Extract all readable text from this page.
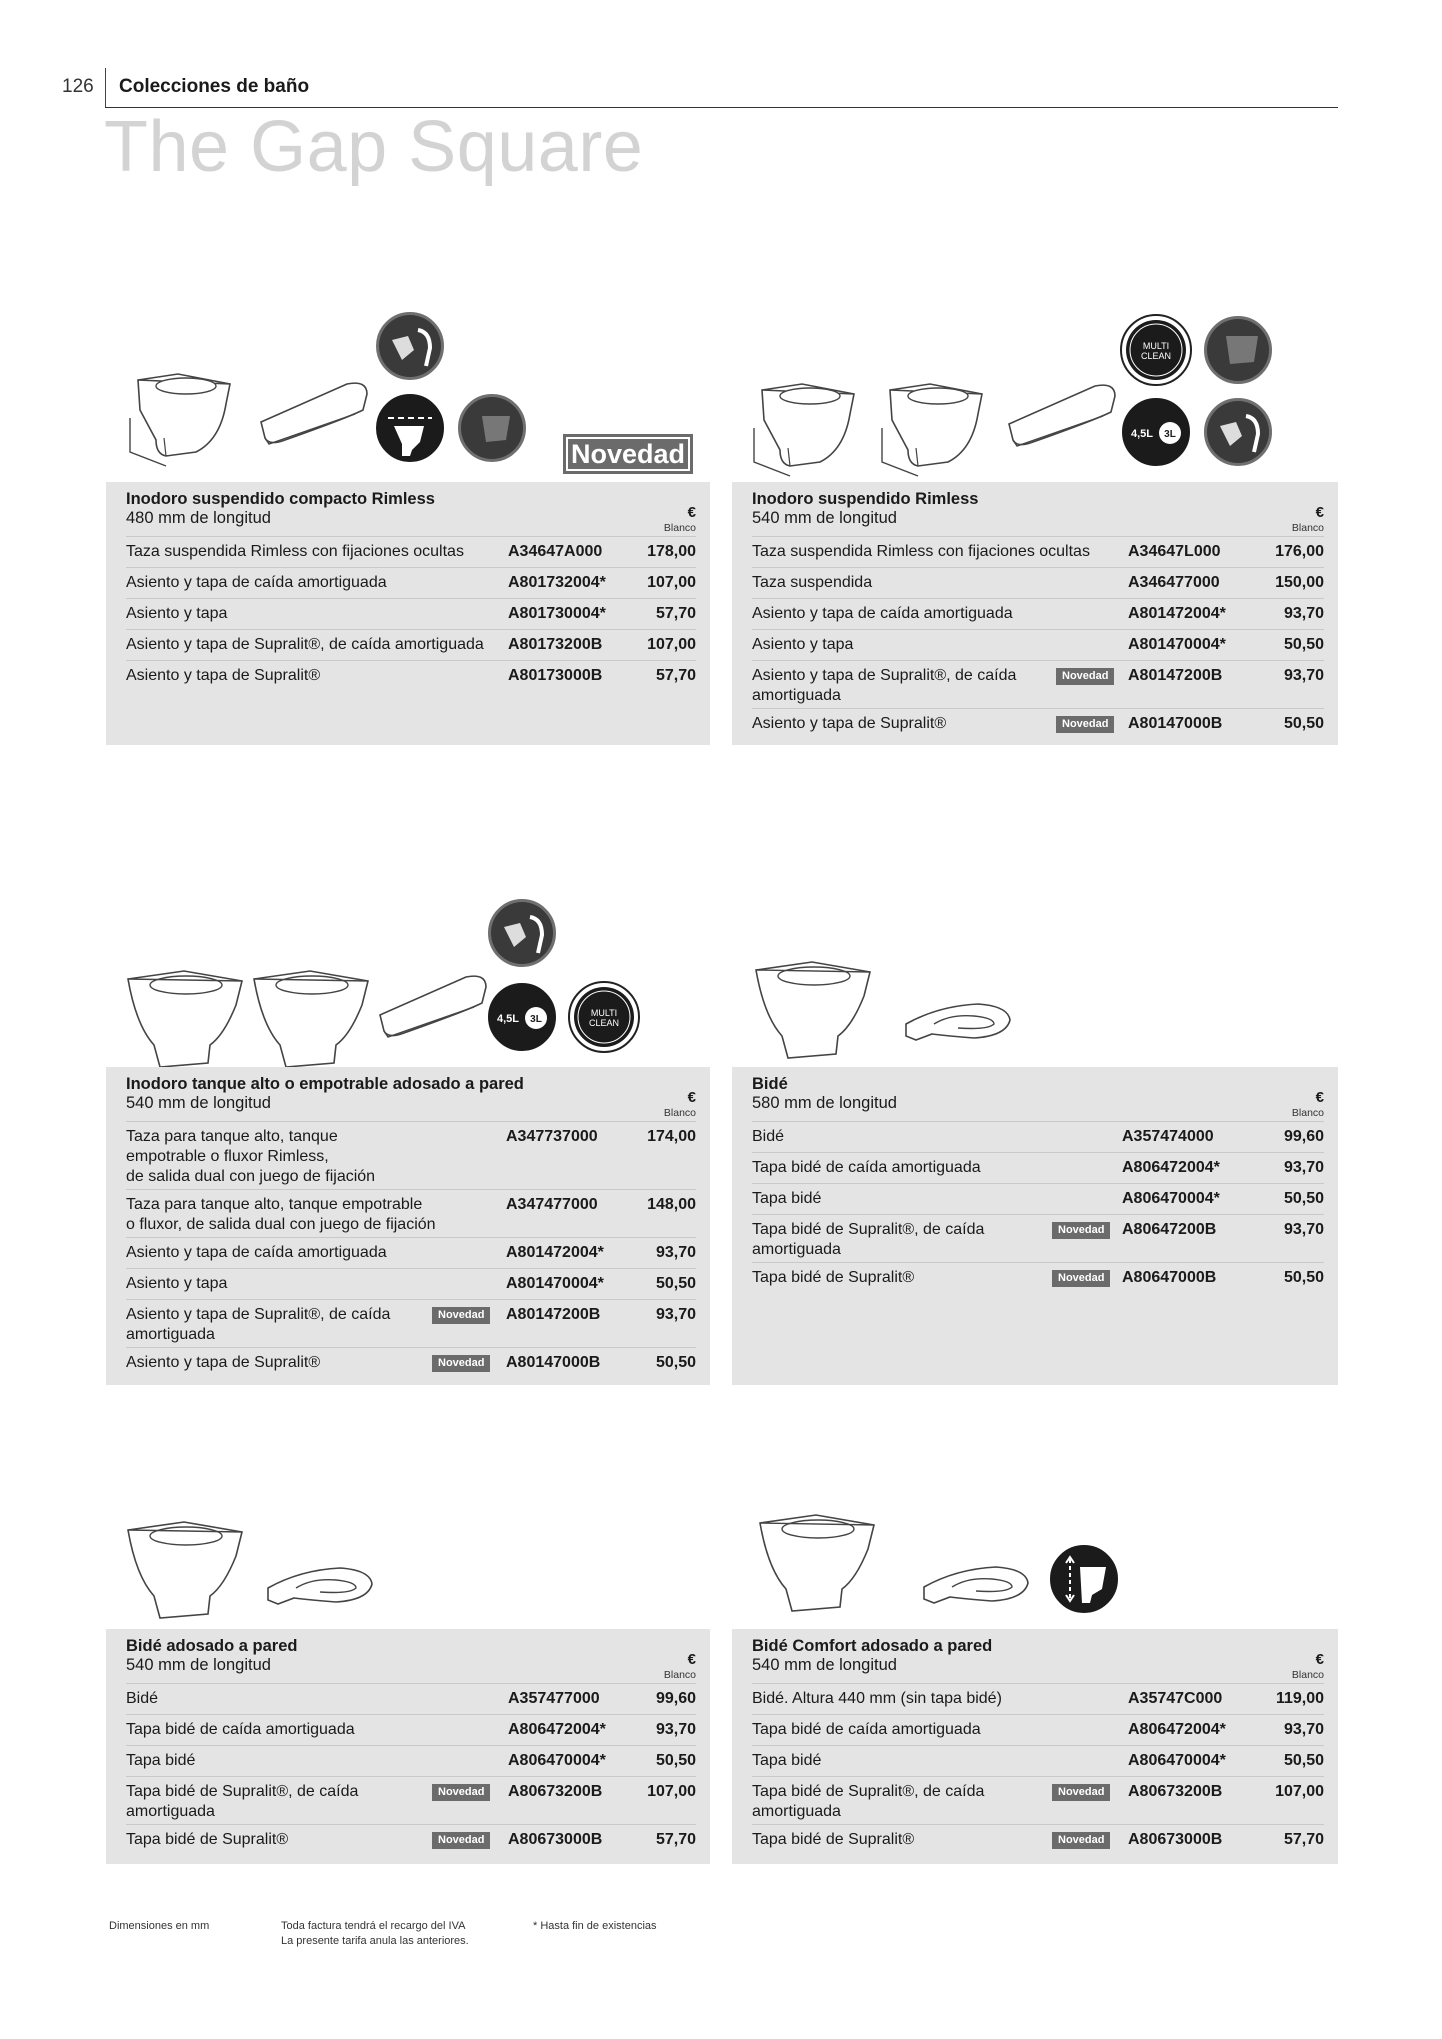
126 Colecciones de baño
The Gap Square
Novedad
MULTI
CLEAN
4,5L 3L
4,5L 3L
MULTI
CLEAN
Inodoro suspendido compacto Rimless
480 mm de longitud	€
Blanco
Taza suspendida Rimless con fijaciones ocultas	A34647A000	178,00
Asiento y tapa de caída amortiguada	A801732004*	107,00
Asiento y tapa	A801730004*	57,70
Asiento y tapa de Supralit®, de caída amortiguada A80173200B	107,00
Asiento y tapa de Supralit®	A80173000B	57,70
Inodoro suspendido Rimless
540 mm de longitud	€
Blanco
Taza suspendida Rimless con fijaciones ocultas A34647L000	176,00
Taza suspendida	A346477000	150,00
Asiento y tapa de caída amortiguada	A801472004*	93,70
Asiento y tapa	A801470004*	50,50
Asiento y tapa de Supralit®, de caída
amortiguada
Novedad	A80147200B	93,70
Asiento y tapa de Supralit®	Novedad	A80147000B	50,50
Inodoro tanque alto o empotrable adosado a pared
540 mm de longitud	€
Blanco
Taza para tanque alto, tanque
empotrable o fluxor Rimless,
de salida dual con juego de fijación
A347737000	174,00
Taza para tanque alto, tanque empotrable
o fluxor, de salida dual con juego de fijación
A347477000	148,00
Asiento y tapa de caída amortiguada	A801472004*	93,70
Asiento y tapa	A801470004*	50,50
Asiento y tapa de Supralit®, de caída
amortiguada
Novedad	A80147200B	93,70
Asiento y tapa de Supralit®	Novedad	A80147000B	50,50
Bidé
580 mm de longitud	€
Blanco
Bidé	A357474000	99,60
Tapa bidé de caída amortiguada	A806472004*	93,70
Tapa bidé	A806470004*	50,50
Tapa bidé de Supralit®, de caída
amortiguada
Novedad	A80647200B	93,70
Tapa bidé de Supralit®	Novedad	A80647000B	50,50
Bidé adosado a pared
540 mm de longitud	€
Blanco
Bidé	A357477000	99,60
Tapa bidé de caída amortiguada	A806472004*	93,70
Tapa bidé	A806470004*	50,50
Tapa bidé de Supralit®, de caída
amortiguada
Novedad	A80673200B	107,00
Tapa bidé de Supralit®	Novedad	A80673000B	57,70
Bidé Comfort adosado a pared
540 mm de longitud	€
Blanco
Bidé. Altura 440 mm (sin tapa bidé)	A35747C000	119,00
Tapa bidé de caída amortiguada	A806472004*	93,70
Tapa bidé	A806470004*	50,50
Tapa bidé de Supralit®, de caída
amortiguada
Novedad	A80673200B	107,00
Tapa bidé de Supralit®	Novedad	A80673000B	57,70
Dimensiones en mm	Toda factura tendrá el recargo del IVA
La presente tarifa anula las anteriores.
* Hasta fin de existencias
